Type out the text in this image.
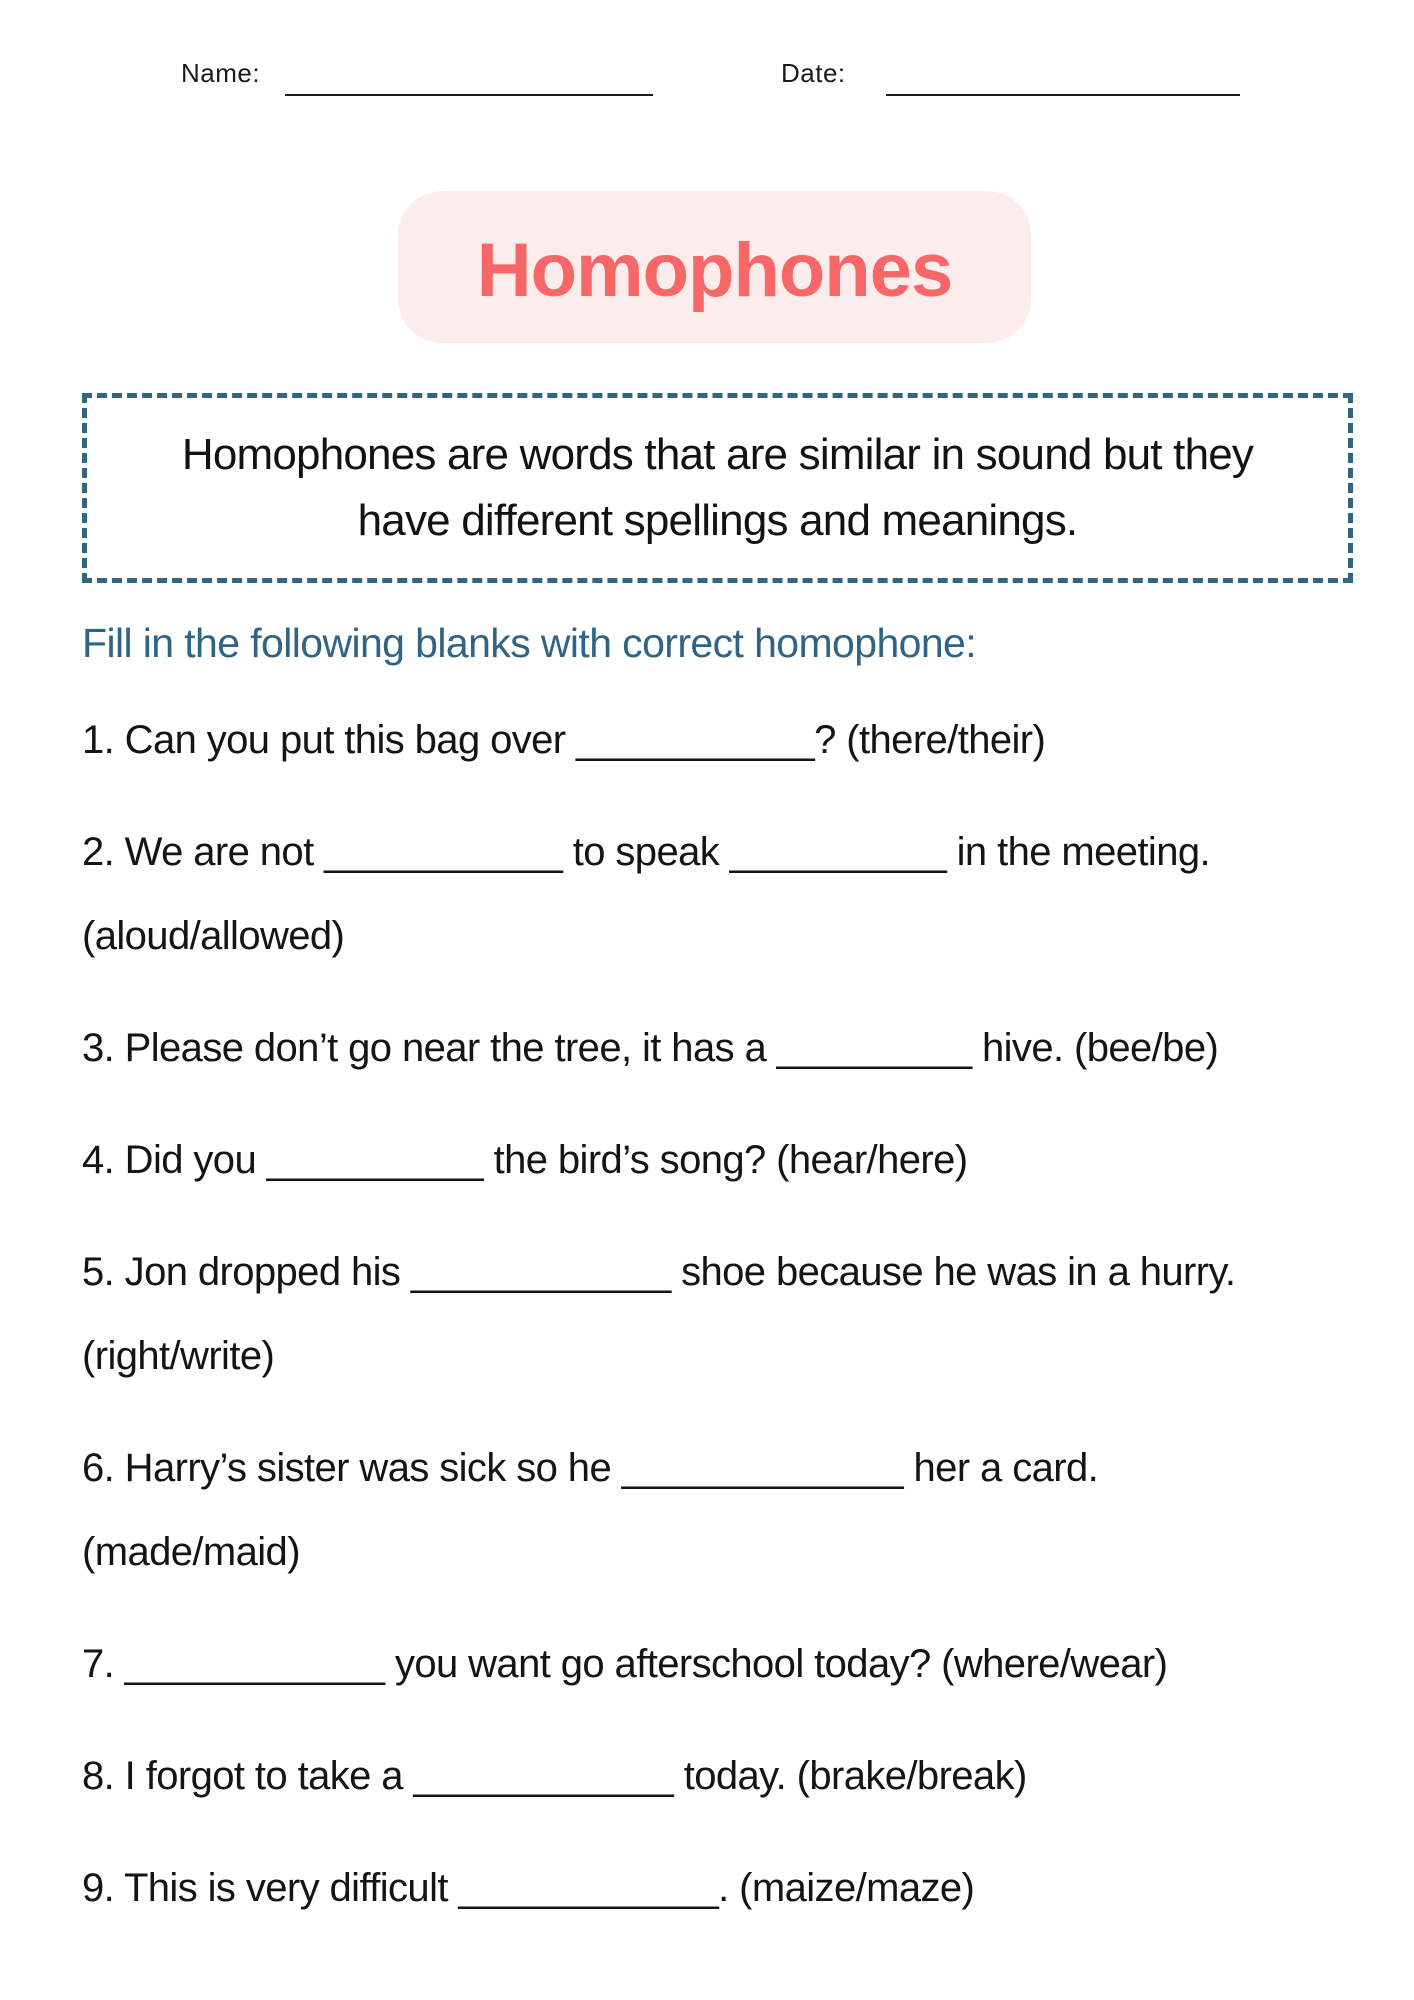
Name:	Date:
Homophones
Homophones are words that are similar in sound but they
have different spellings and meanings.
Fill in the following blanks with correct homophone:
1. Can you put this bag over ___________? (there/their)
2. We are not ___________ to speak __________ in the meeting.
(aloud/allowed)
3. Please don’t go near the tree, it has a _________ hive. (bee/be)
4. Did you __________ the bird’s song? (hear/here)
5. Jon dropped his ____________ shoe because he was in a hurry.
(right/write)
6. Harry’s sister was sick so he _____________ her a card.
(made/maid)
7. ____________ you want go afterschool today? (where/wear)
8. I forgot to take a ____________ today. (brake/break)
9. This is very difficult ____________. (maize/maze)
